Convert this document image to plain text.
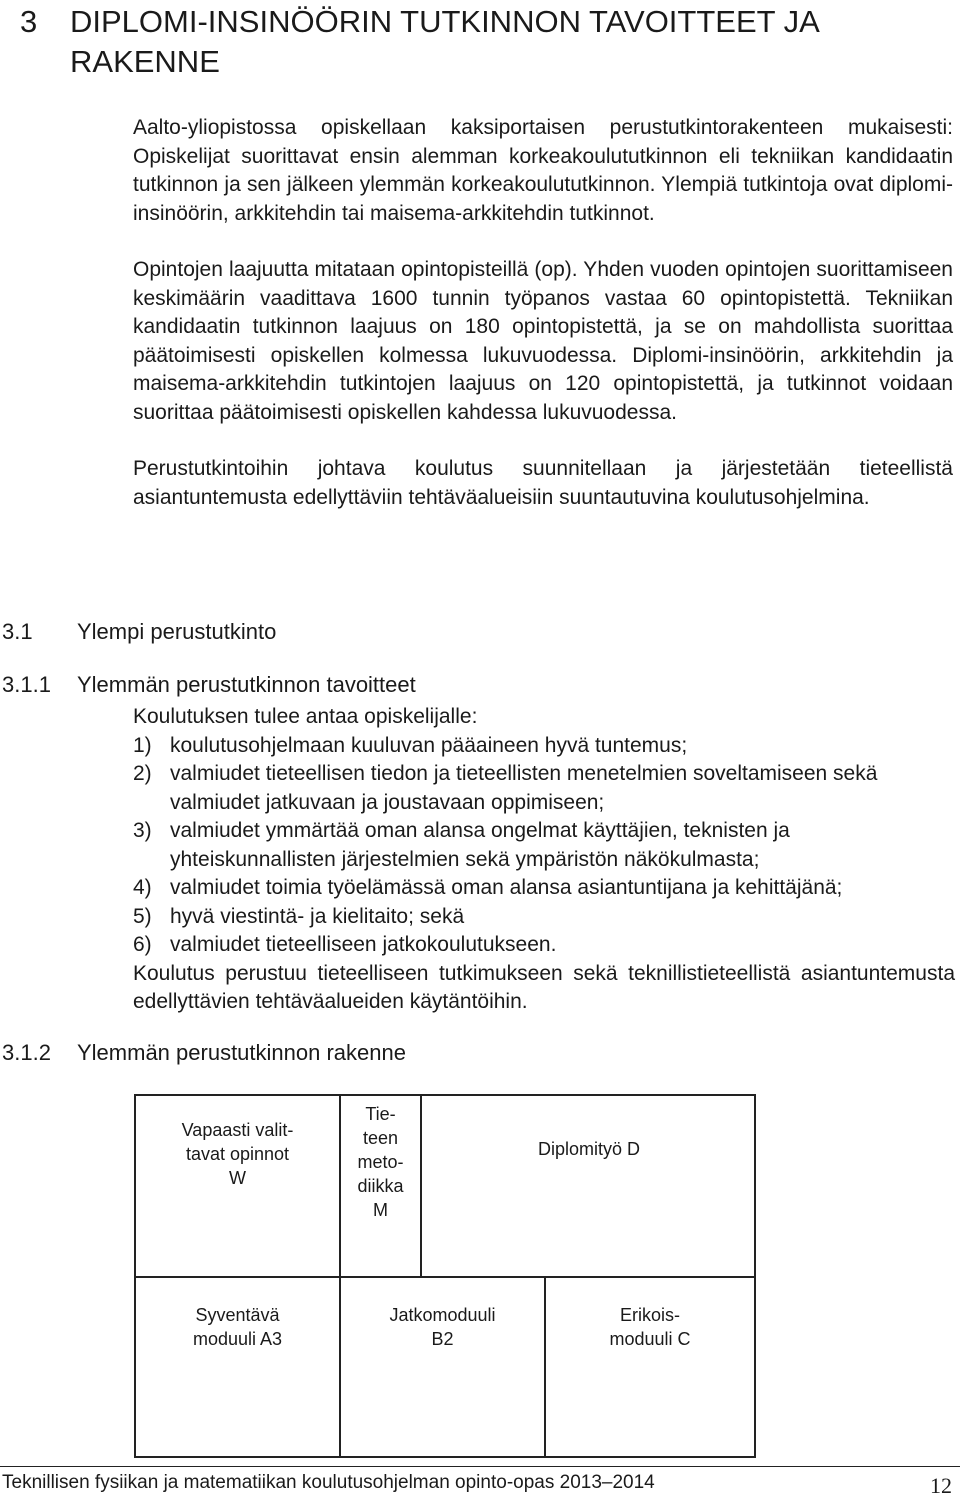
3 DIPLOMI-INSINÖÖRIN TUTKINNON TAVOITTEET JA RAKENNE

Aalto-yliopistossa opiskellaan kaksiportaisen perustutkintorakenteen mukaisesti: Opiskelijat suorittavat ensin alemman korkeakoulututkinnon eli tekniikan kandidaatin tutkinnon ja sen jälkeen ylemmän korkeakoulututkinnon. Ylempiä tutkintoja ovat diplomi-insinöörin, arkkitehdin tai maisema-arkkitehdin tutkinnot.

Opintojen laajuutta mitataan opintopisteillä (op). Yhden vuoden opintojen suorittamiseen keskimäärin vaadittava 1600 tunnin työpanos vastaa 60 opintopistettä. Tekniikan kandidaatin tutkinnon laajuus on 180 opintopistettä, ja se on mahdollista suorittaa päätoimisesti opiskellen kolmessa lukuvuodessa. Diplomi-insinöörin, arkkitehdin ja maisema-arkkitehdin tutkintojen laajuus on 120 opintopistettä, ja tutkinnot voidaan suorittaa päätoimisesti opiskellen kahdessa lukuvuodessa.

Perustutkintoihin johtava koulutus suunnitellaan ja järjestetään tieteellistä asiantuntemusta edellyttäviin tehtäväalueisiin suuntautuvina koulutusohjelmina.

3.1 Ylempi perustutkinto
3.1.1 Ylemmän perustutkinnon tavoitteet
Koulutuksen tulee antaa opiskelijalle:
1) koulutusohjelmaan kuuluvan pääaineen hyvä tuntemus;
2) valmiudet tieteellisen tiedon ja tieteellisten menetelmien soveltamiseen sekä valmiudet jatkuvaan ja joustavaan oppimiseen;
3) valmiudet ymmärtää oman alansa ongelmat käyttäjien, teknisten ja yhteiskunnallisten järjestelmien sekä ympäristön näkökulmasta;
4) valmiudet toimia työelämässä oman alansa asiantuntijana ja kehittäjänä;
5) hyvä viestintä- ja kielitaito; sekä
6) valmiudet tieteelliseen jatkokoulutukseen.
Koulutus perustuu tieteelliseen tutkimukseen sekä teknillistieteellistä asiantuntemusta edellyttävien tehtäväalueiden käytäntöihin.
3.1.2 Ylemmän perustutkinnon rakenne
Vapaasti valit-
tavat opinnot
W
Tie-
teen
meto-
diikka
M
Diplomityö D
Syventävä
moduuli A3
Jatkomoduuli
B2
Erikois-
moduuli C
Teknillisen fysiikan ja matematiikan koulutusohjelman opinto-opas 2013–2014	12
